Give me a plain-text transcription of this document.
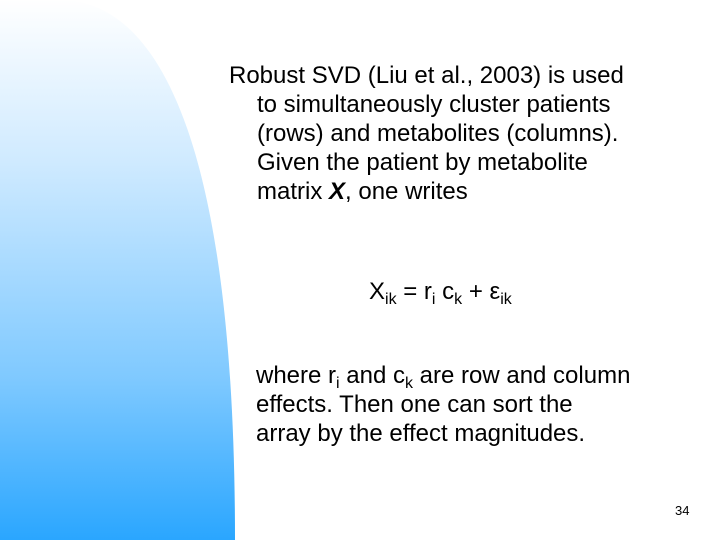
Robust SVD (Liu et al., 2003) is used
to simultaneously cluster patients
(rows) and metabolites (columns).
Given the patient by metabolite
matrix X, one writes
$X_{ik} = r_i$ $c_k + \varepsilon_{ik}$
where $r_i$ and $c_k$ are row and column
effects. Then one can sort the
array by the effect magnitudes.
34
